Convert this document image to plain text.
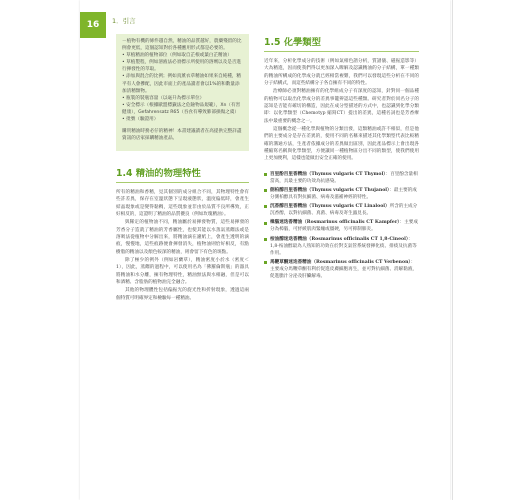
16	1．引言

－植物有機的條件越自然，精油的品質越好，農藥殘留的比例會更低，這個認知對於各種應用形式都是必要的。

• 草植精油的植物部位（例如取自芷根或葉白芷精油）

• 草植製程，例如溶液法必須標示所使用的溶劑以及是否進行揮發性的萃取。

• 添加與混合的比例；例如真薰衣草精油如果來自純種，精平有人會摻配，因此市面上的產品讀者會以1%的和數量添加清精類物。

• 瓶裝的裝瓶容量（以毫升為標示單位）

• 安全標示（根據歐盟標籤法之危險物品規範），Xn（有害健康），Gefahrensatz R65（吞食有導致肺部損傷之虞）

• 批號（驗證用）

購買精油時務必仔的精神！本書建議讀者在高提供完整詳盡資訊的店家採購精油產品。

1.4 精油的物理特性

所有的精油和香精，見其個別的成分組合不同，其物理特性會有些許差異，保存在室溫狀態下呈現液態狀，溫度偏低時，會產生結晶現象或是變得黏稠，這些現象並非由於品質不良所導致，正好相反的，這證明了精油的品質優良（例如玫瑰精油）。

與稀定的植物油不同，精油屬於易揮發物質，這些易揮發的芳香分子造就了精油的芳香屬性，也使其能以水蒸氣蒸餾法或是溶吸法從植物中分解出來，將精油滴在濾紙上，會產生透明的滴痕，慢慢地，這些痕跡便會揮發消失，植物油則恰好相反，有點樹脂的精油以及顏色較深的精油，則會留下有色的斑點。

除了極少的例外（例如岩蘭草），精油密度小於水（密度＜1），因此，蒸餾的過程中，可以使用名為「佛羅倫斯瓶」的器具將精油和水分離，擁有物理特性，精油無法與水相融，但是可以和酒精、含脂肪的植物油完全融合。

其他的物理體性包括偏振光的旋光性和折射現象，透過這兩個特質可明確界定和檢驗每一種精油。

1.5 化學類型

近年來，分析化學成分的技術（例如氣相色譜分析，質譜儀、磁振造影等）大為精進，因而使我們得以更加深入瞭解及認識精油的分子結構，單一種類的精油所構成的化學成分就已經相當複雜，我們可以發現這些分析在不同的分子結構式，而這些結構分子各自擁有不同的特性。

治療師必須對精油擁有的化學組成分子有深度的認知，針對同一個品種的植物可以取出化學成分的差異事籠辨認這些種類。研究者對於同名分子的認知是否能有確切的構造，因此在成分型描述的方式中，也認識到化學分類即：以化學類型（Chemotyp 縮寫CT）提出的差異，這種名詞也是芳香療法中最重要的概念之一。

這個概念從一種化學與植物的分類出發，這類精油或許不相似，但是他們的主要成分是存在差異的，使用不同的名稱來描述其化學類型代表比較精確的溝通方法，生產者依據成分的差異做出區別，因此產品標示上會出現各種縮寫名稱與化學類型，方便讓同一種植物區分出不同的類型，使我們使用上更加便利，這樣也能做出安全正確的使用。

百里酚百里香精油（Thymus vulgaris CT Thymol）：百里酚含量相當高，具最主要的功效為抗感染。
側柏醇百里香精油（Thymus vulgaris CT Thujanol）：最主要的成分側柏醇具有對抗細菌、病毒及滋補神經的特性。
沉香醇百里香精油（Thymus vulgaris CT Linalool）所含的主成分沉香醇，以對抗細菌、真菌、病毒及寄生蟲見長。
樟腦迷迭香精油（Rosmarinus officinalis CT Kampfer）：主要成分為樟腦，可紓緩肌肉緊繃或僵硬，另可抑制肺炎。
桉油醇迷迭香精油（Rosmarinus officinalis CT 1,8-Cineol）：1,8-桉油醇最為人熟知的功效在於對支氣管系統發揮化痰、排痰及抗菌等作用。
馬鞭草酮迷迭香精油（Rosmarinus officinalis CT Verbenon）：主要成分馬鞭草酮有利於促進皮膚細胞再生，並可對抗細菌、消解黏液，促進膽汁分泌及肝臟解毒。
